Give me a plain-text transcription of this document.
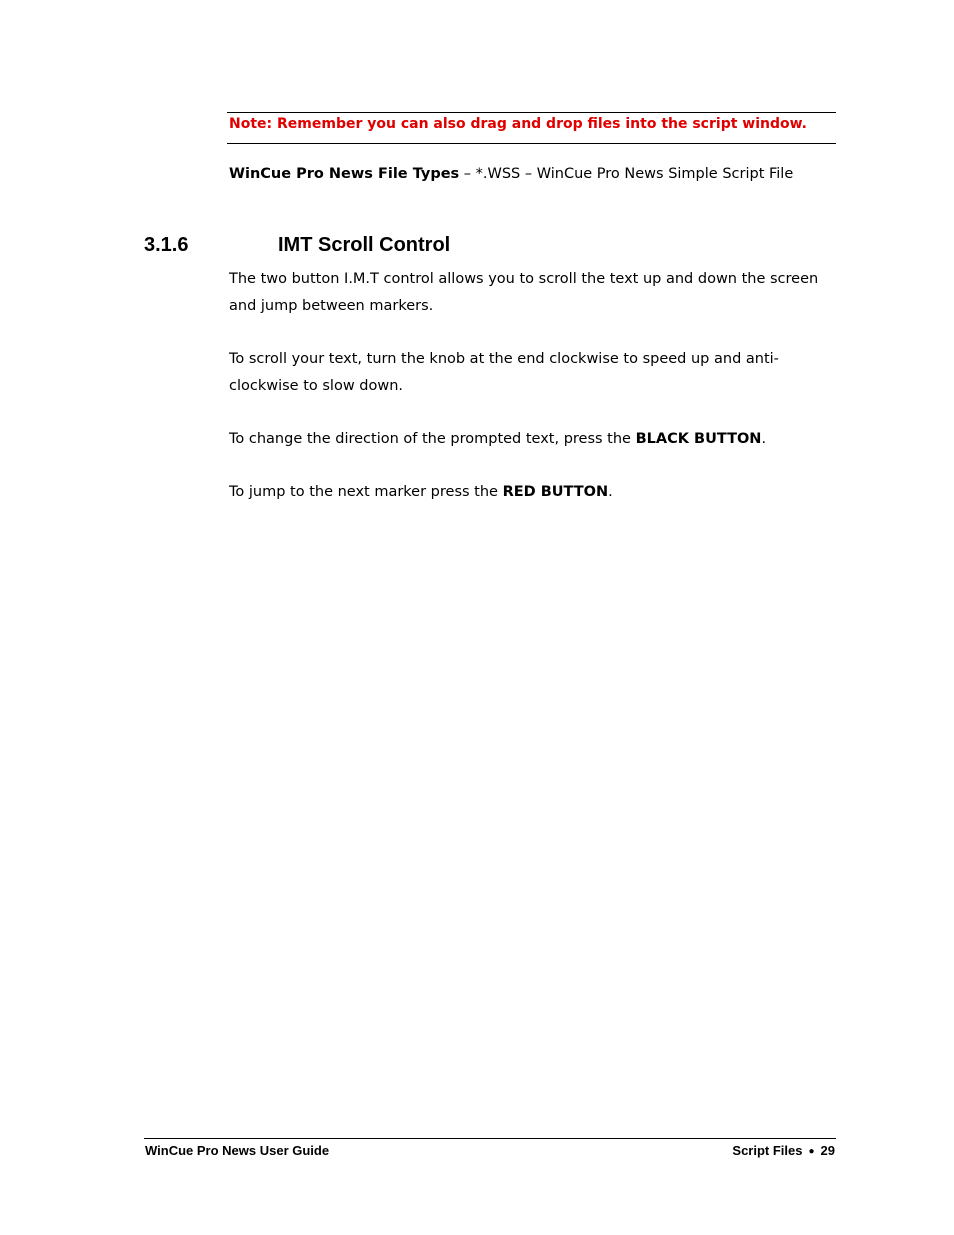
Note: Remember you can also drag and drop files into the script window.
WinCue Pro News File Types – *.WSS – WinCue Pro News Simple Script File
3.1.6	IMT Scroll Control
The two button I.M.T control allows you to scroll the text up and down the screen and jump between markers.
To scroll your text, turn the knob at the end clockwise to speed up and anti-clockwise to slow down.
To change the direction of the prompted text, press the BLACK BUTTON.
To jump to the next marker press the RED BUTTON.
WinCue Pro News User Guide	Script Files ● 29
